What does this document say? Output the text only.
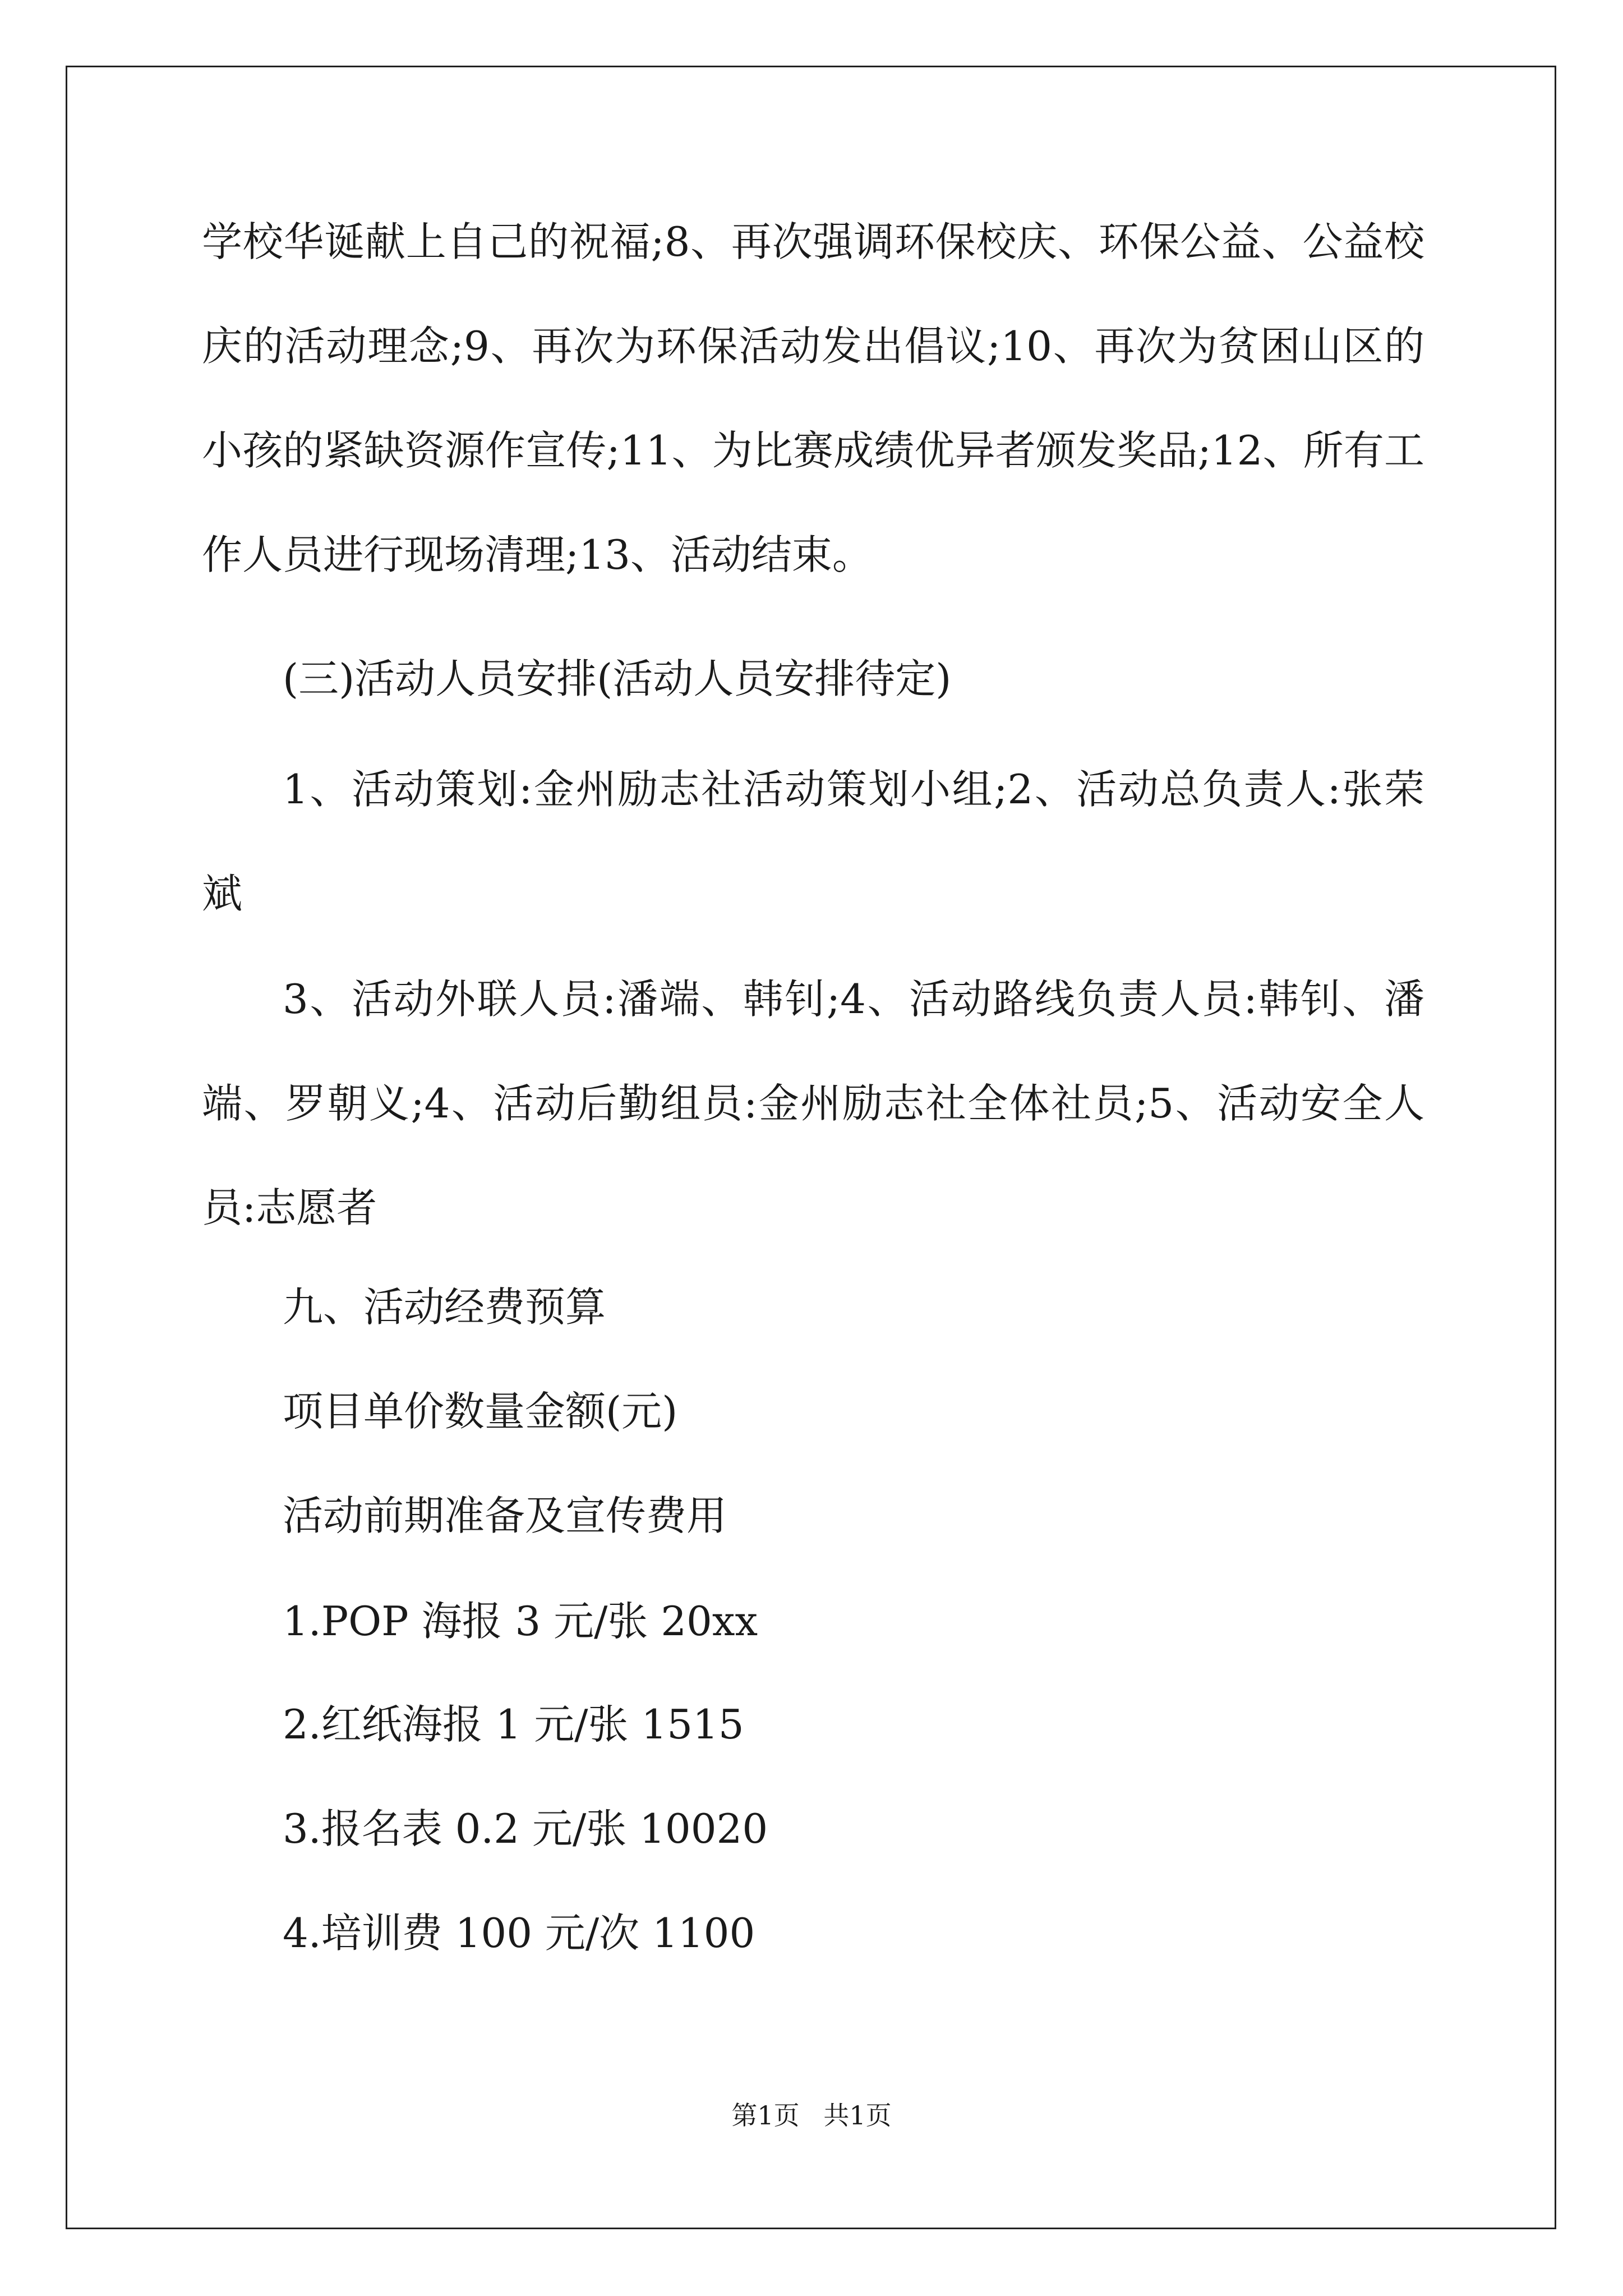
学校华诞献上自己的祝福;8、再次强调环保校庆、环保公益、公益校庆的活动理念;9、再次为环保活动发出倡议;10、再次为贫困山区的小孩的紧缺资源作宣传;11、为比赛成绩优异者颁发奖品;12、所有工作人员进行现场清理;13、活动结束。

(三)活动人员安排(活动人员安排待定)

1、活动策划:金州励志社活动策划小组;2、活动总负责人:张荣斌

3、活动外联人员:潘端、韩钊;4、活动路线负责人员:韩钊、潘端、罗朝义;4、活动后勤组员:金州励志社全体社员;5、活动安全人员:志愿者

九、活动经费预算

项目单价数量金额(元)

活动前期准备及宣传费用

1.POP 海报 3 元/张 20xx

2.红纸海报 1 元/张 1515

3.报名表 0.2 元/张 10020

4.培训费 100 元/次 1100

第1页 共1页
